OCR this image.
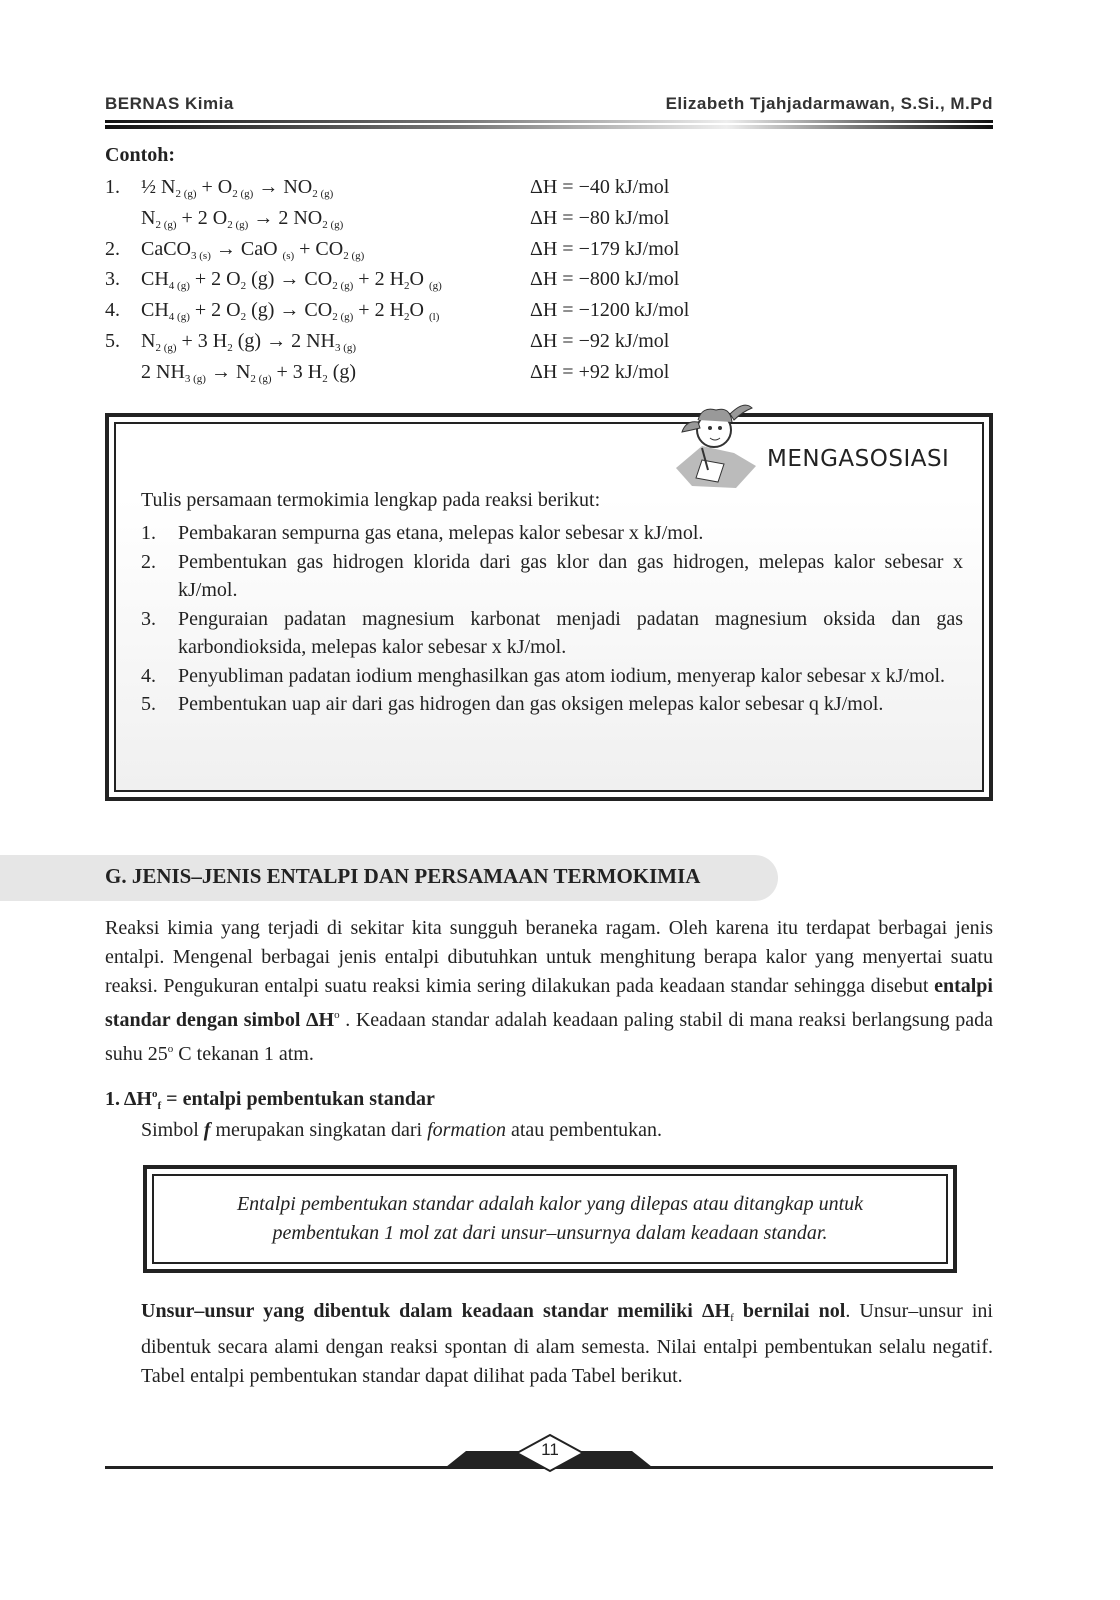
BERNAS Kimia	Elizabeth Tjahjadarmawan, S.Si., M.Pd
Contoh:
1. ½ $N_{2 (g)} + O_{2 (g)} \to NO_{2 (g)}$	ΔH = −40 kJ/mol
$N_{2 (g)} + 2$ $O_{2 (g)} \to 2$ $NO_{2 (g)}$	ΔH = −80 kJ/mol
2. CaCO$_{3 (s)}$ → CaO $_{(s)} + CO_{2 (g)}$	ΔH = −179 kJ/mol
3. $CH_{4 (g)} + 2$ $O_2$ $(g) \to CO_{2 (g)} + 2$ $H_2O$ $_{(g)}$	ΔH = −800 kJ/mol
4. $CH_{4 (g)} + 2$ $O_2$ $(g) \to CO_{2 (g)} + 2$ $H_2O$ $_{(l)}$	ΔH = −1200 kJ/mol
5. $N_{2 (g)} + 3$ $H_2$ (g) → 2 $NH_{3 (g)}$	ΔH = −92 kJ/mol
2 $NH_{3 (g)} \to N_{2 (g)} + 3$ $H_2$ (g)	ΔH = +92 kJ/mol
MENGASOSIASI
Tulis persamaan termokimia lengkap pada reaksi berikut:
1.	Pembakaran sempurna gas etana, melepas kalor sebesar x kJ/mol.
2.	Pembentukan gas hidrogen klorida dari gas klor dan gas hidrogen, melepas kalor sebesar x kJ/mol.
3.	Penguraian padatan magnesium karbonat menjadi padatan magnesium oksida dan gas karbondioksida, melepas kalor sebesar x kJ/mol.
4.	Penyubliman padatan iodium menghasilkan gas atom iodium, menyerap kalor sebesar x kJ/mol.
5.	Pembentukan uap air dari gas hidrogen dan gas oksigen melepas kalor sebesar q kJ/mol.
G. JENIS–JENIS ENTALPI DAN PERSAMAAN TERMOKIMIA
Reaksi kimia yang terjadi di sekitar kita sungguh beraneka ragam. Oleh karena itu terdapat berbagai jenis entalpi. Mengenal berbagai jenis entalpi dibutuhkan untuk menghitung berapa kalor yang menyertai suatu reaksi. Pengukuran entalpi suatu reaksi kimia sering dilakukan pada keadaan standar sehingga disebut entalpi standar dengan simbol $\Delta H^o$ . Keadaan standar adalah keadaan paling stabil di mana reaksi berlangsung pada suhu 25$^o$ C tekanan 1 atm.
1. $\Delta H^o_f$ = entalpi pembentukan standar
Simbol f merupakan singkatan dari formation atau pembentukan.
Entalpi pembentukan standar adalah kalor yang dilepas atau ditangkap untuk pembentukan 1 mol zat dari unsur–unsurnya dalam keadaan standar.
Unsur–unsur yang dibentuk dalam keadaan standar memiliki $\Delta H_f$ bernilai nol. Unsur–unsur ini dibentuk secara alami dengan reaksi spontan di alam semesta. Nilai entalpi pembentukan selalu negatif. Tabel entalpi pembentukan standar dapat dilihat pada Tabel berikut.
11
